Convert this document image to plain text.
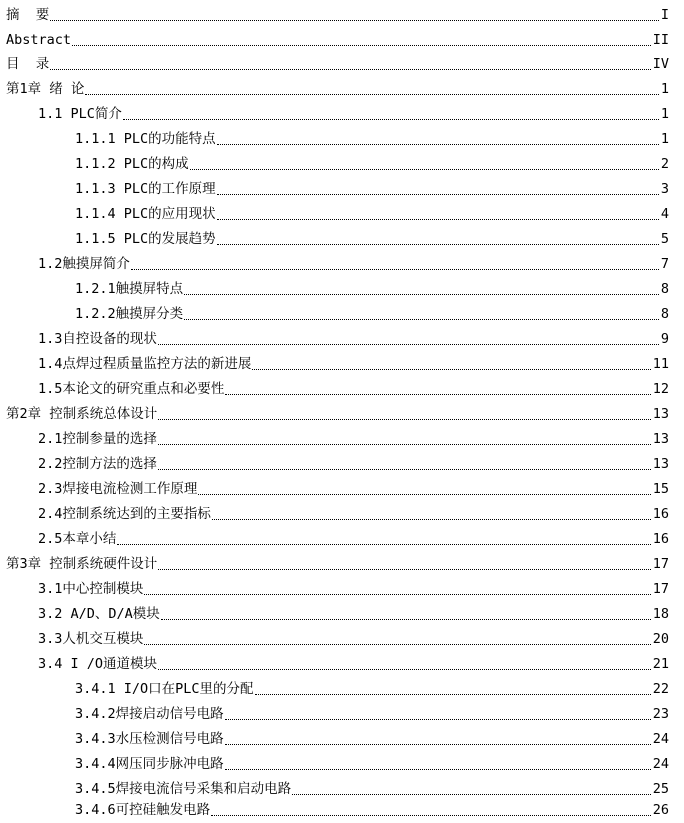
摘  要	I
Abstract	II
目  录	IV
第1章 绪 论	1
1.1 PLC简介	1
1.1.1 PLC的功能特点	1
1.1.2 PLC的构成	2
1.1.3 PLC的工作原理	3
1.1.4 PLC的应用现状	4
1.1.5 PLC的发展趋势	5
1.2触摸屏简介	7
1.2.1触摸屏特点	8
1.2.2触摸屏分类	8
1.3自控设备的现状	9
1.4点焊过程质量监控方法的新进展	11
1.5本论文的研究重点和必要性	12
第2章 控制系统总体设计	13
2.1控制参量的选择	13
2.2控制方法的选择	13
2.3焊接电流检测工作原理	15
2.4控制系统达到的主要指标	16
2.5本章小结	16
第3章 控制系统硬件设计	17
3.1中心控制模块	17
3.2 A/D、D/A模块	18
3.3人机交互模块	20
3.4 I /O通道模块	21
3.4.1 I/O口在PLC里的分配	22
3.4.2焊接启动信号电路	23
3.4.3水压检测信号电路	24
3.4.4网压同步脉冲电路	24
3.4.5焊接电流信号采集和启动电路	25
3.4.6可控硅触发电路	26
